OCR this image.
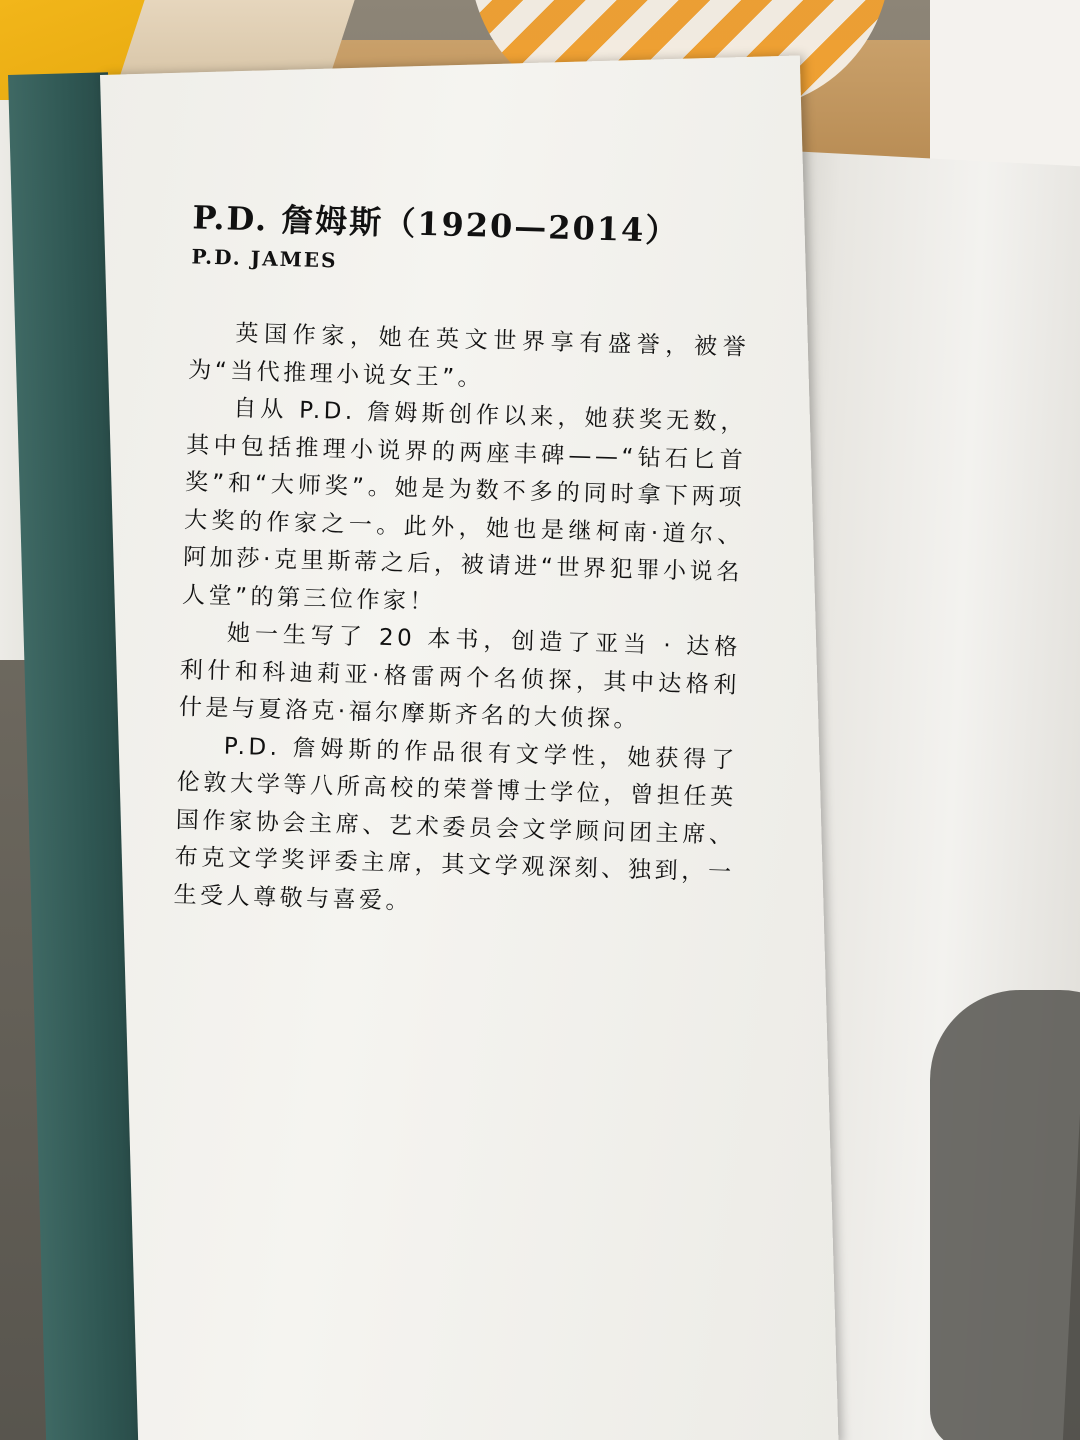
P.D. 詹姆斯（1920—2014）
P.D. JAMES

英国作家，她在英文世界享有盛誉，被誉为“当代推理小说女王”。

自从 P.D. 詹姆斯创作以来，她获奖无数，其中包括推理小说界的两座丰碑——“钻石匕首奖”和“大师奖”。她是为数不多的同时拿下两项大奖的作家之一。此外，她也是继柯南·道尔、阿加莎·克里斯蒂之后，被请进“世界犯罪小说名人堂”的第三位作家！

她一生写了 20 本书，创造了亚当 · 达格利什和科迪莉亚·格雷两个名侦探，其中达格利什是与夏洛克·福尔摩斯齐名的大侦探。

P.D. 詹姆斯的作品很有文学性，她获得了伦敦大学等八所高校的荣誉博士学位，曾担任英国作家协会主席、艺术委员会文学顾问团主席、布克文学奖评委主席，其文学观深刻、独到，一生受人尊敬与喜爱。
